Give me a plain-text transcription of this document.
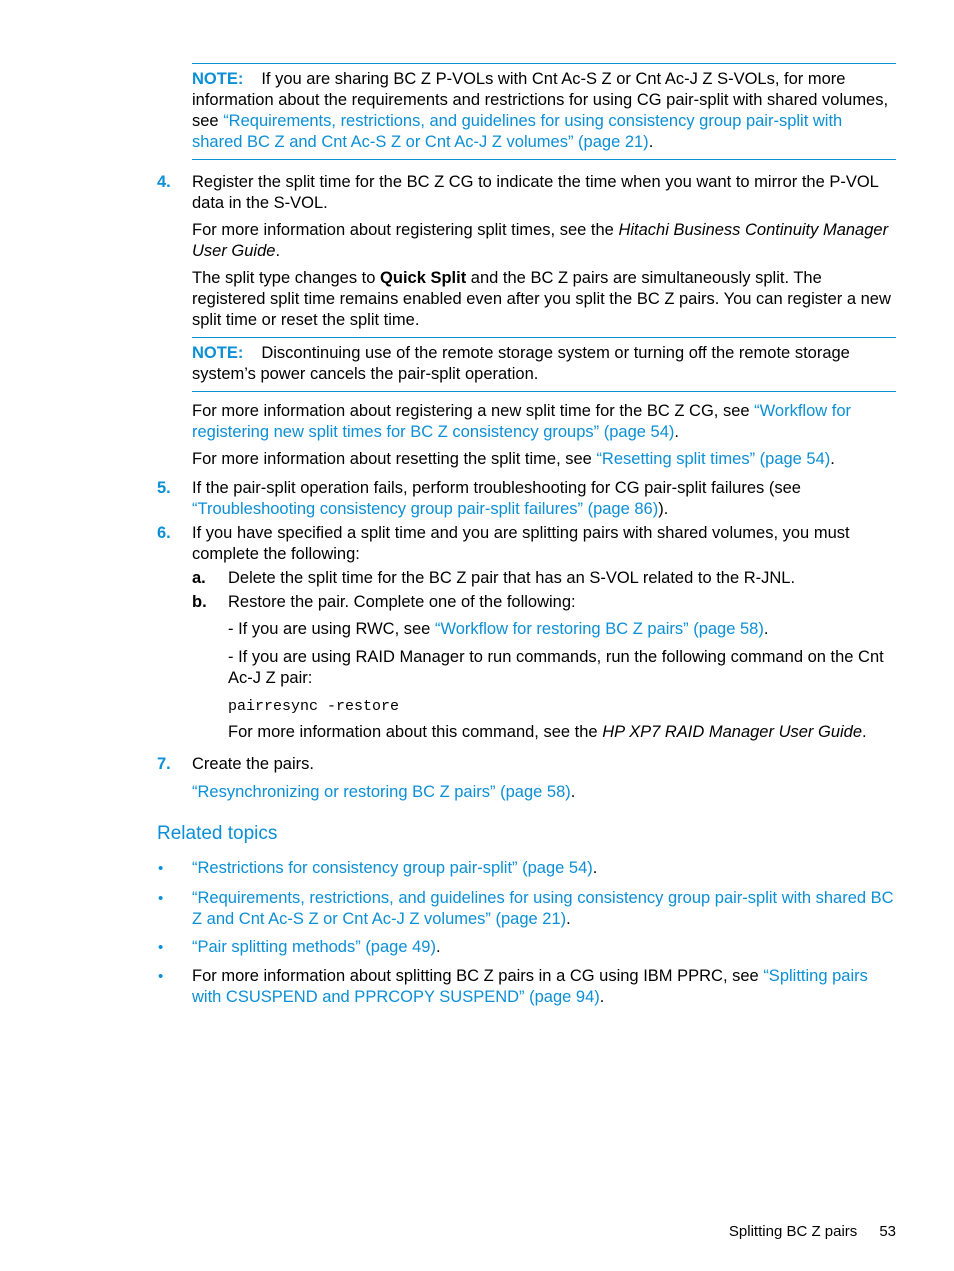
NOTE: If you are sharing BC Z P-VOLs with Cnt Ac-S Z or Cnt Ac-J Z S-VOLs, for more information about the requirements and restrictions for using CG pair-split with shared volumes, see “Requirements, restrictions, and guidelines for using consistency group pair-split with shared BC Z and Cnt Ac-S Z or Cnt Ac-J Z volumes” (page 21).
4. Register the split time for the BC Z CG to indicate the time when you want to mirror the P-VOL data in the S-VOL.
For more information about registering split times, see the Hitachi Business Continuity Manager User Guide.
The split type changes to Quick Split and the BC Z pairs are simultaneously split. The registered split time remains enabled even after you split the BC Z pairs. You can register a new split time or reset the split time.
NOTE: Discontinuing use of the remote storage system or turning off the remote storage system’s power cancels the pair-split operation.
For more information about registering a new split time for the BC Z CG, see “Workflow for registering new split times for BC Z consistency groups” (page 54).
For more information about resetting the split time, see “Resetting split times” (page 54).
5. If the pair-split operation fails, perform troubleshooting for CG pair-split failures (see “Troubleshooting consistency group pair-split failures” (page 86)).
6. If you have specified a split time and you are splitting pairs with shared volumes, you must complete the following:
a. Delete the split time for the BC Z pair that has an S-VOL related to the R-JNL.
b. Restore the pair. Complete one of the following:
- If you are using RWC, see “Workflow for restoring BC Z pairs” (page 58).
- If you are using RAID Manager to run commands, run the following command on the Cnt Ac-J Z pair:
pairresync -restore
For more information about this command, see the HP XP7 RAID Manager User Guide.
7. Create the pairs.
“Resynchronizing or restoring BC Z pairs” (page 58).
Related topics
• “Restrictions for consistency group pair-split” (page 54).
• “Requirements, restrictions, and guidelines for using consistency group pair-split with shared BC Z and Cnt Ac-S Z or Cnt Ac-J Z volumes” (page 21).
• “Pair splitting methods” (page 49).
• For more information about splitting BC Z pairs in a CG using IBM PPRC, see “Splitting pairs with CSUSPEND and PPRCOPY SUSPEND” (page 94).
Splitting BC Z pairs 53
